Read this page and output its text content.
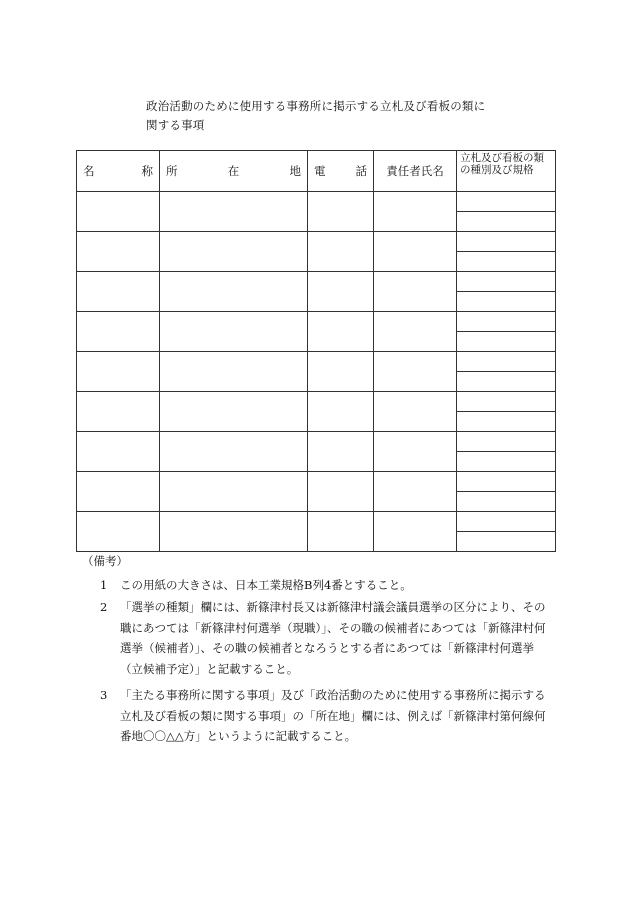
政治活動のために使用する事務所に掲示する立札及び看板の類に関する事項
名　　称	所　在　地	電　話	責任者氏名	立札及び看板の類の種別及び規格

（備考）
1	この用紙の大きさは、日本工業規格B列4番とすること。
2	「選挙の種類」欄には、新篠津村長又は新篠津村議会議員選挙の区分により、その職にあつては「新篠津村何選挙（現職）」、その職の候補者にあつては「新篠津村何選挙（候補者）」、その職の候補者となろうとする者にあつては「新篠津村何選挙（立候補予定）」と記載すること。
3	「主たる事務所に関する事項」及び「政治活動のために使用する事務所に掲示する立札及び看板の類に関する事項」の「所在地」欄には、例えば「新篠津村第何線何番地〇〇△△方」というように記載すること。
